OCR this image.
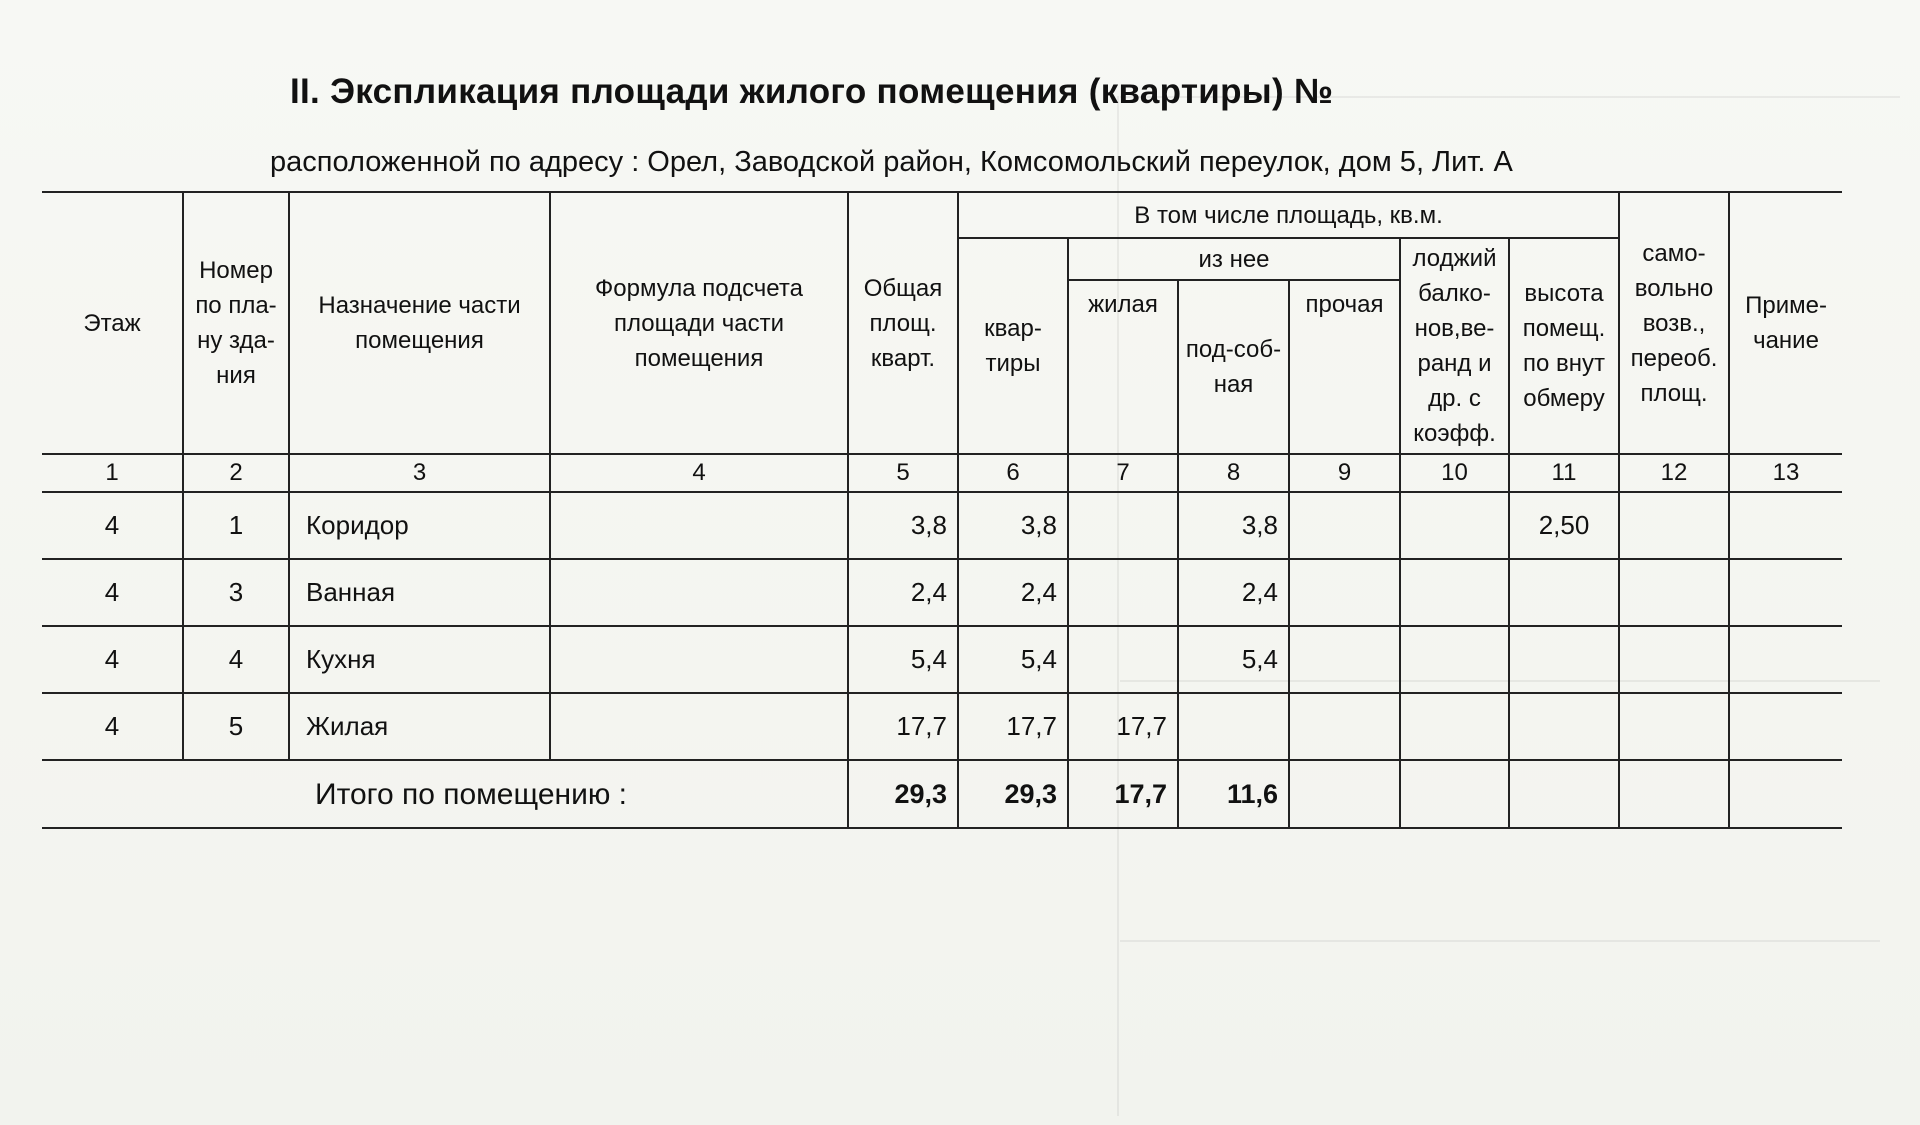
II. Экспликация площади жилого помещения (квартиры) №
расположенной по адресу : Орел, Заводской район, Комсомольский переулок, дом 5, Лит. А
Этаж	Номер по пла-ну зда-ния	Назначение части помещения	Формула подсчета площади части помещения	Общая площ. кварт.	В том числе площадь, кв.м.						само-вольно возв., переоб. площ.	Приме-чание
					квар-тиры	из нее			лоджий балко-нов,ве-ранд и др. с коэфф.	высота помещ. по внут обмеру		
						жилая	под-соб-ная	прочая				

1	2	3	4	5	6	7	8	9	10	11	12	13
4	1	Коридор		3,8	3,8		3,8			2,50		
4	3	Ванная		2,4	2,4		2,4					
4	4	Кухня		5,4	5,4		5,4					
4	5	Жилая		17,7	17,7	17,7						
Итого по помещению :				29,3	29,3	17,7	11,6					
